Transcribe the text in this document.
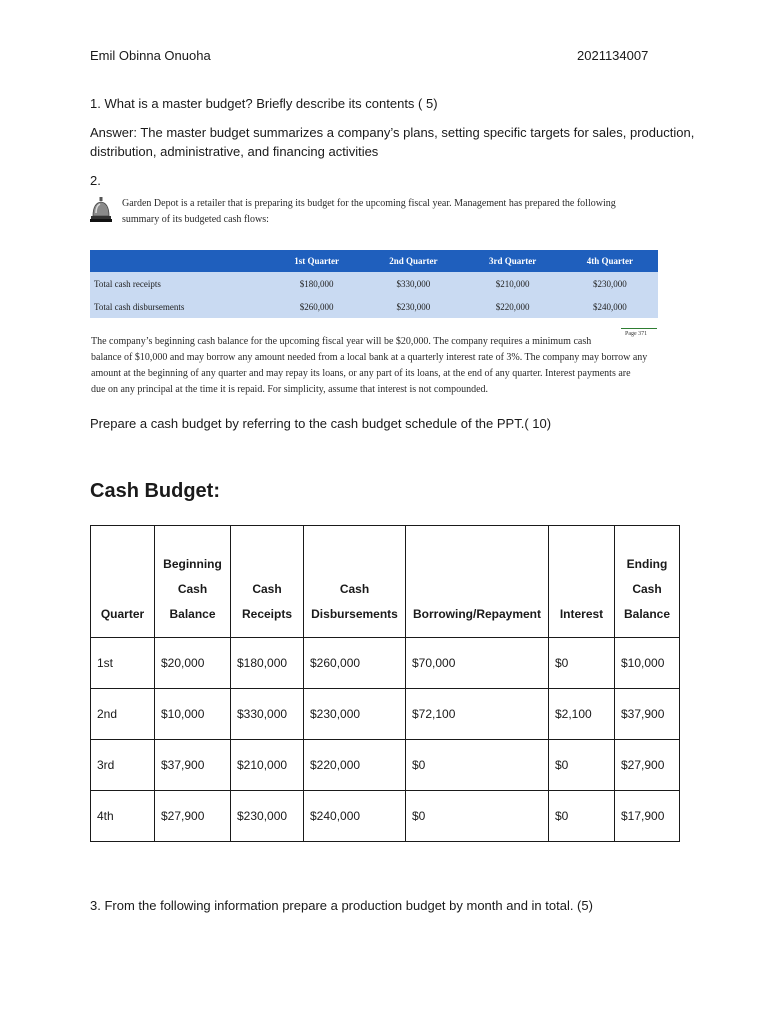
Emil Obinna Onuoha	2021134007
1. What is a master budget? Briefly describe its contents ( 5)
Answer: The master budget summarizes a company’s plans, setting specific targets for sales, production,
distribution, administrative, and financing activities
2.
Garden Depot is a retailer that is preparing its budget for the upcoming fiscal year. Management has prepared the following
summary of its budgeted cash flows:
	1st Quarter	2nd Quarter	3rd Quarter	4th Quarter
Total cash receipts	$180,000	$330,000	$210,000	$230,000
Total cash disbursements	$260,000	$230,000	$220,000	$240,000
Page 371
The company’s beginning cash balance for the upcoming fiscal year will be $20,000. The company requires a minimum cash
balance of $10,000 and may borrow any amount needed from a local bank at a quarterly interest rate of 3%. The company may borrow any
amount at the beginning of any quarter and may repay its loans, or any part of its loans, at the end of any quarter. Interest payments are
due on any principal at the time it is repaid. For simplicity, assume that interest is not compounded.
Prepare a cash budget by referring to the cash budget schedule of the PPT.( 10)
Cash Budget:
Quarter	Beginning
Cash
Balance	Cash
Receipts	Cash
Disbursements	Borrowing/Repayment	Interest	Ending
Cash
Balance

1st	$20,000	$180,000	$260,000	$70,000	$0	$10,000
2nd	$10,000	$330,000	$230,000	$72,100	$2,100	$37,900
3rd	$37,900	$210,000	$220,000	$0	$0	$27,900
4th	$27,900	$230,000	$240,000	$0	$0	$17,900
3. From the following information prepare a production budget by month and in total. (5)
